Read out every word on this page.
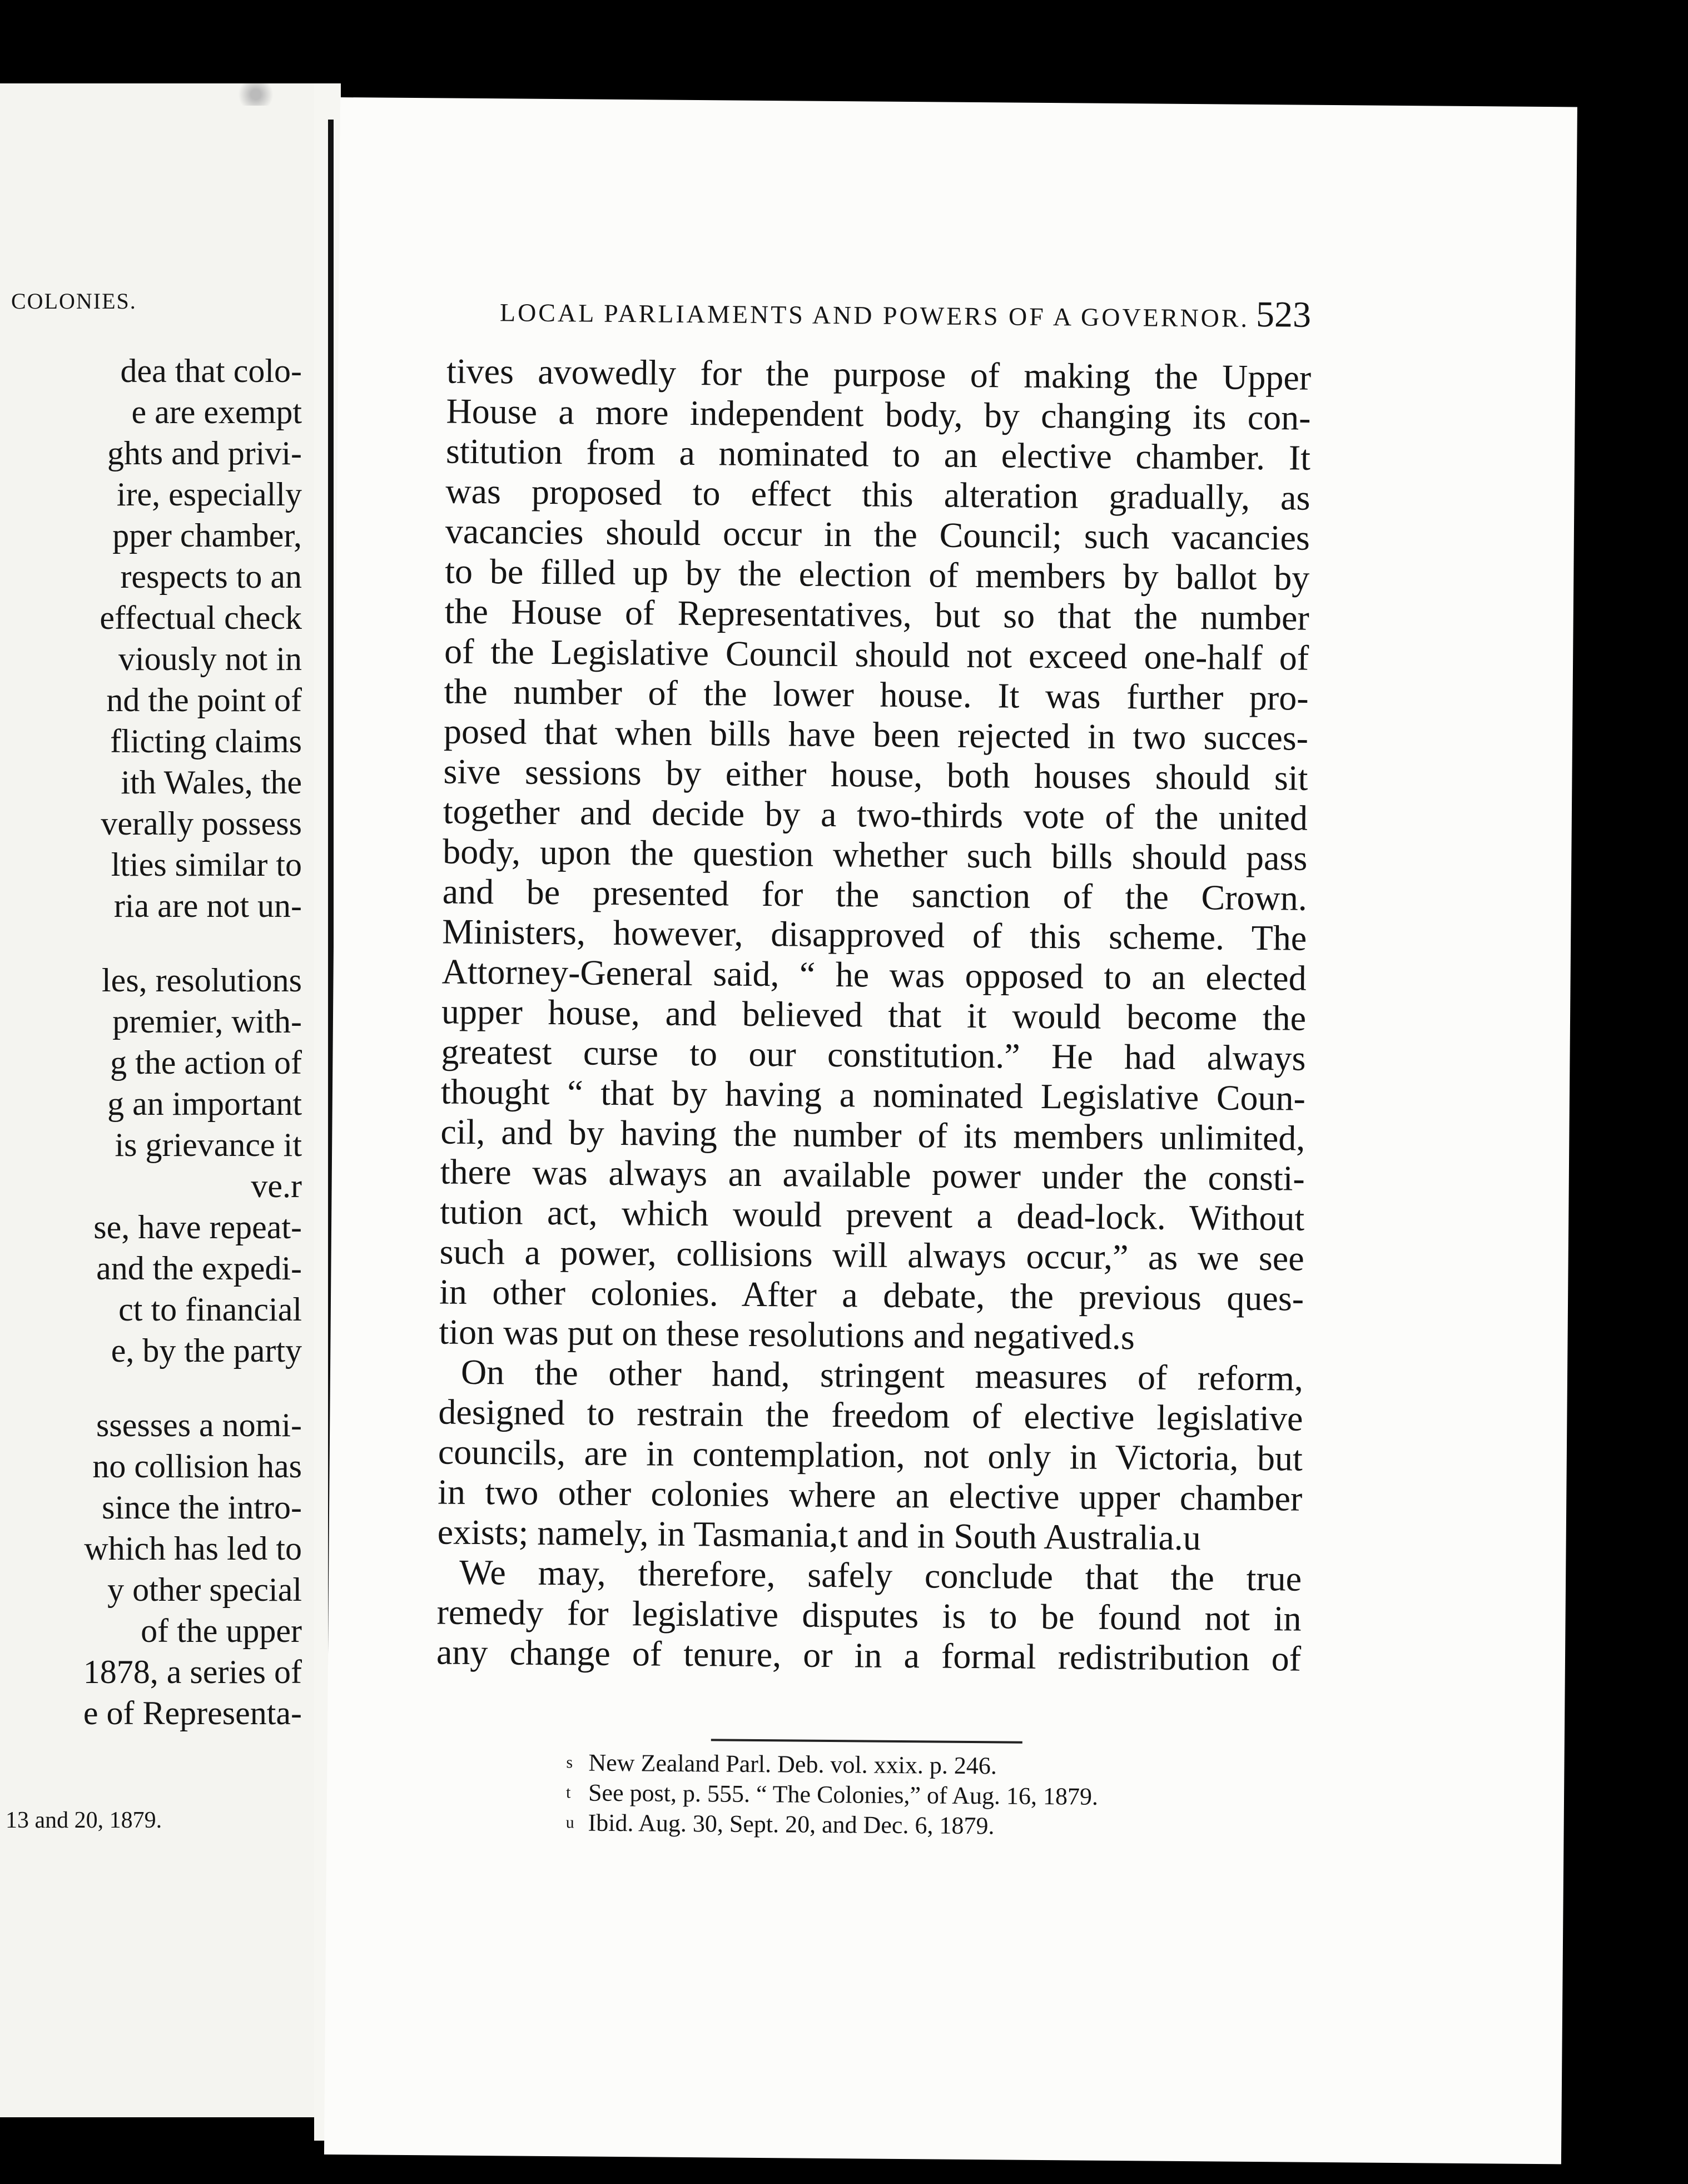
COLONIES.
dea that colo-
e are exempt
ghts and privi-
ire, especially
pper chamber,
respects to an
effectual check
viously not in
nd the point of
flicting claims
ith Wales, the
verally possess
lties similar to
ria are not un-
les, resolutions
premier, with-
g the action of
g an important
is grievance it
ve.r
se, have repeat-
and the expedi-
ct to financial
e, by the party
ssesses a nomi-
no collision has
since the intro-
which has led to
y other special
of the upper
1878, a series of
e of Representa-
13 and 20, 1879.
LOCAL PARLIAMENTS AND POWERS OF A GOVERNOR. 523
tives avowedly for the purpose of making the Upper
House a more independent body, by changing its con-
stitution from a nominated to an elective chamber. It
was proposed to effect this alteration gradually, as
vacancies should occur in the Council; such vacancies
to be filled up by the election of members by ballot by
the House of Representatives, but so that the number
of the Legislative Council should not exceed one-half of
the number of the lower house. It was further pro-
posed that when bills have been rejected in two succes-
sive sessions by either house, both houses should sit
together and decide by a two-thirds vote of the united
body, upon the question whether such bills should pass
and be presented for the sanction of the Crown.
Ministers, however, disapproved of this scheme. The
Attorney-General said, “ he was opposed to an elected
upper house, and believed that it would become the
greatest curse to our constitution.” He had always
thought “ that by having a nominated Legislative Coun-
cil, and by having the number of its members unlimited,
there was always an available power under the consti-
tution act, which would prevent a dead-lock. Without
such a power, collisions will always occur,” as we see
in other colonies. After a debate, the previous ques-
tion was put on these resolutions and negatived.s
On the other hand, stringent measures of reform,
designed to restrain the freedom of elective legislative
councils, are in contemplation, not only in Victoria, but
in two other colonies where an elective upper chamber
exists; namely, in Tasmania,t and in South Australia.u
We may, therefore, safely conclude that the true
remedy for legislative disputes is to be found not in
any change of tenure, or in a formal redistribution of
s New Zealand Parl. Deb. vol. xxix. p. 246.
t See post, p. 555. “ The Colonies,” of Aug. 16, 1879.
u Ibid. Aug. 30, Sept. 20, and Dec. 6, 1879.
